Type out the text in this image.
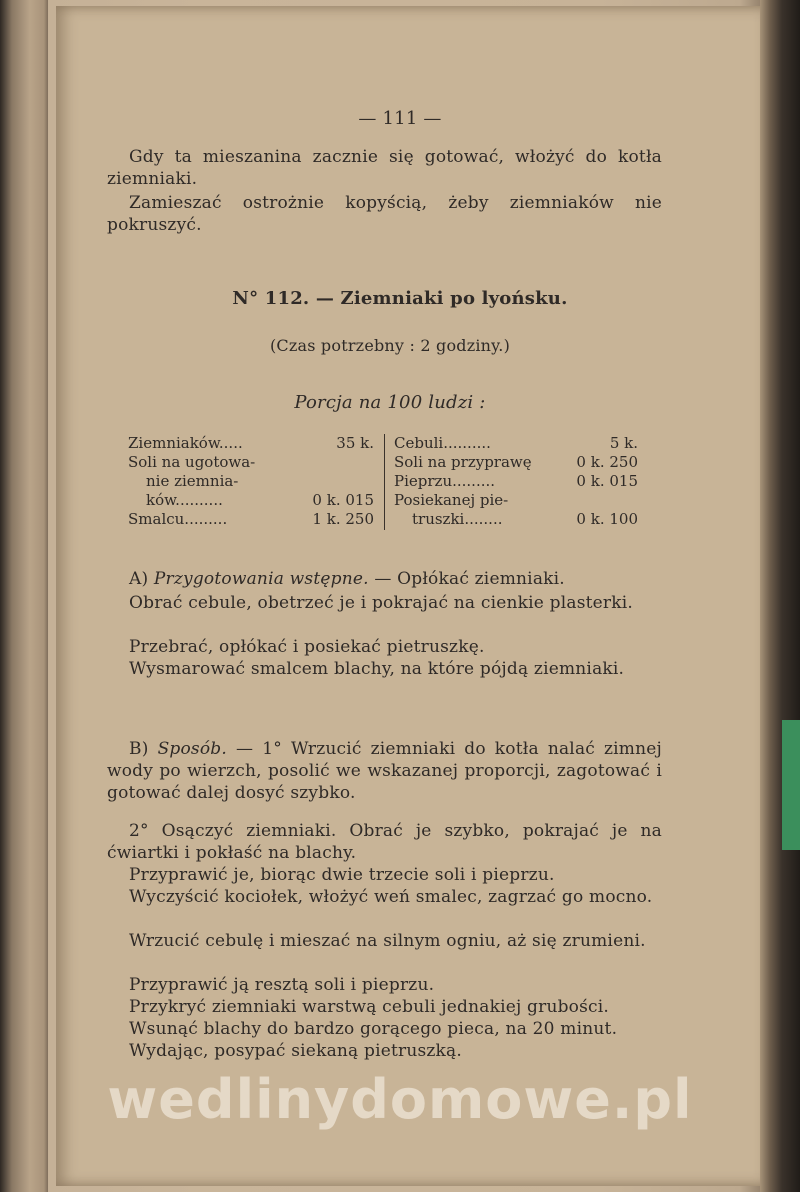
— 111 —
Gdy ta mieszanina zacznie się gotować, włożyć do kotła ziemniaki.
Zamieszać ostrożnie kopyścią, żeby ziemniaków nie pokruszyć.
N° 112. — Ziemniaki po lyońsku.
(Czas potrzebny : 2 godziny.)
Porcja na 100 ludzi :
Ziemniaków.....	35 k.
Soli na ugotowa-
nie ziemnia-
ków..........	0 k. 015
Smalcu.........	1 k. 250
Cebuli..........	5 k.
Soli na przyprawę	0 k. 250
Pieprzu.........	0 k. 015
Posiekanej pie-
truszki........	0 k. 100
A) Przygotowania wstępne. — Opłókać ziemniaki.
Obrać cebule, obetrzeć je i pokrajać na cienkie plasterki.
Przebrać, opłókać i posiekać pietruszkę.
Wysmarować smalcem blachy, na które pójdą ziemniaki.
B) Sposób. — 1° Wrzucić ziemniaki do kotła nalać zimnej wody po wierzch, posolić we wskazanej proporcji, zagotować i gotować dalej dosyć szybko.
2° Osączyć ziemniaki. Obrać je szybko, pokrajać je na ćwiartki i pokłaść na blachy.
Przyprawić je, biorąc dwie trzecie soli i pieprzu.
Wyczyścić kociołek, włożyć weń smalec, zagrzać go mocno.
Wrzucić cebulę i mieszać na silnym ogniu, aż się zrumieni.
Przyprawić ją resztą soli i pieprzu.
Przykryć ziemniaki warstwą cebuli jednakiej grubości.
Wsunąć blachy do bardzo gorącego pieca, na 20 minut.
Wydając, posypać siekaną pietruszką.
wedlinydomowe.pl
